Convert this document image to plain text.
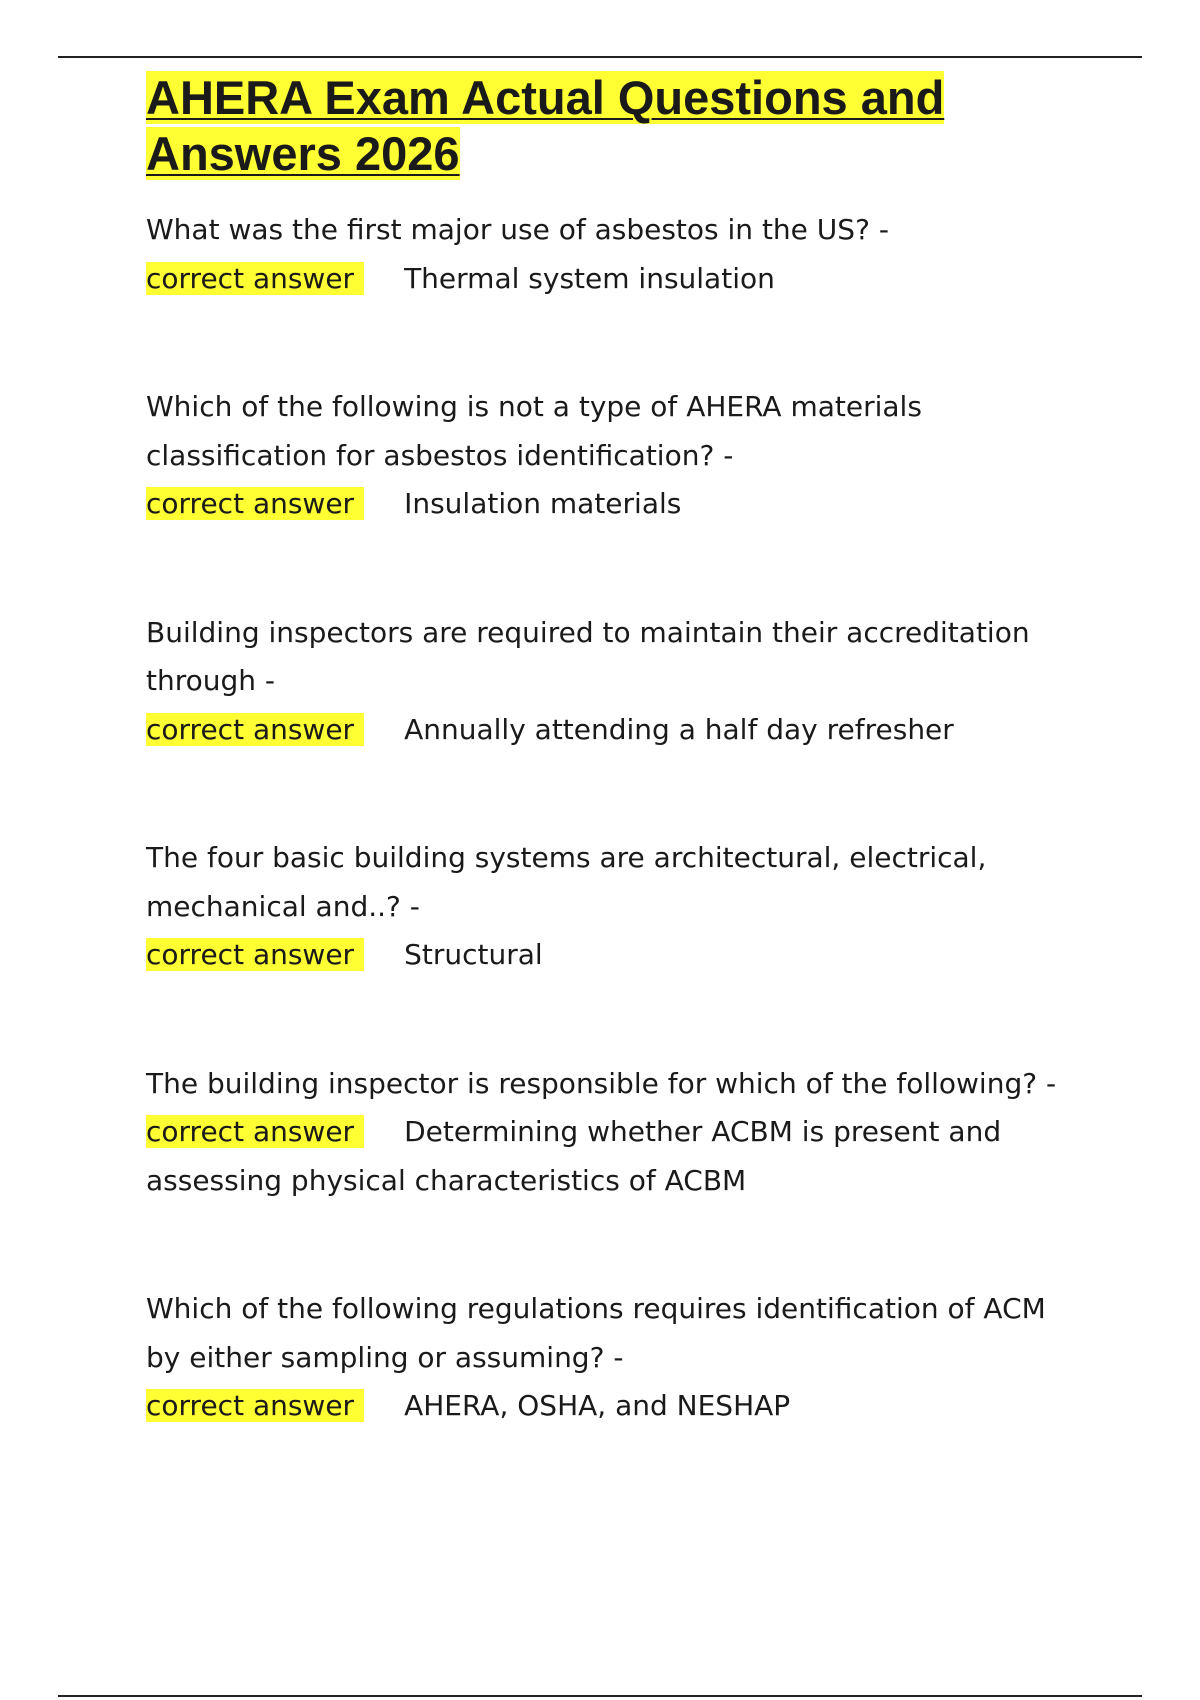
AHERA Exam Actual Questions and Answers 2026
What was the first major use of asbestos in the US? -
correct answer Thermal system insulation
Which of the following is not a type of AHERA materials classification for asbestos identification? -
correct answer Insulation materials
Building inspectors are required to maintain their accreditation through -
correct answer Annually attending a half day refresher
The four basic building systems are architectural, electrical, mechanical and..? -
correct answer Structural
The building inspector is responsible for which of the following? -
correct answer Determining whether ACBM is present and assessing physical characteristics of ACBM
Which of the following regulations requires identification of ACM by either sampling or assuming? -
correct answer AHERA, OSHA, and NESHAP
